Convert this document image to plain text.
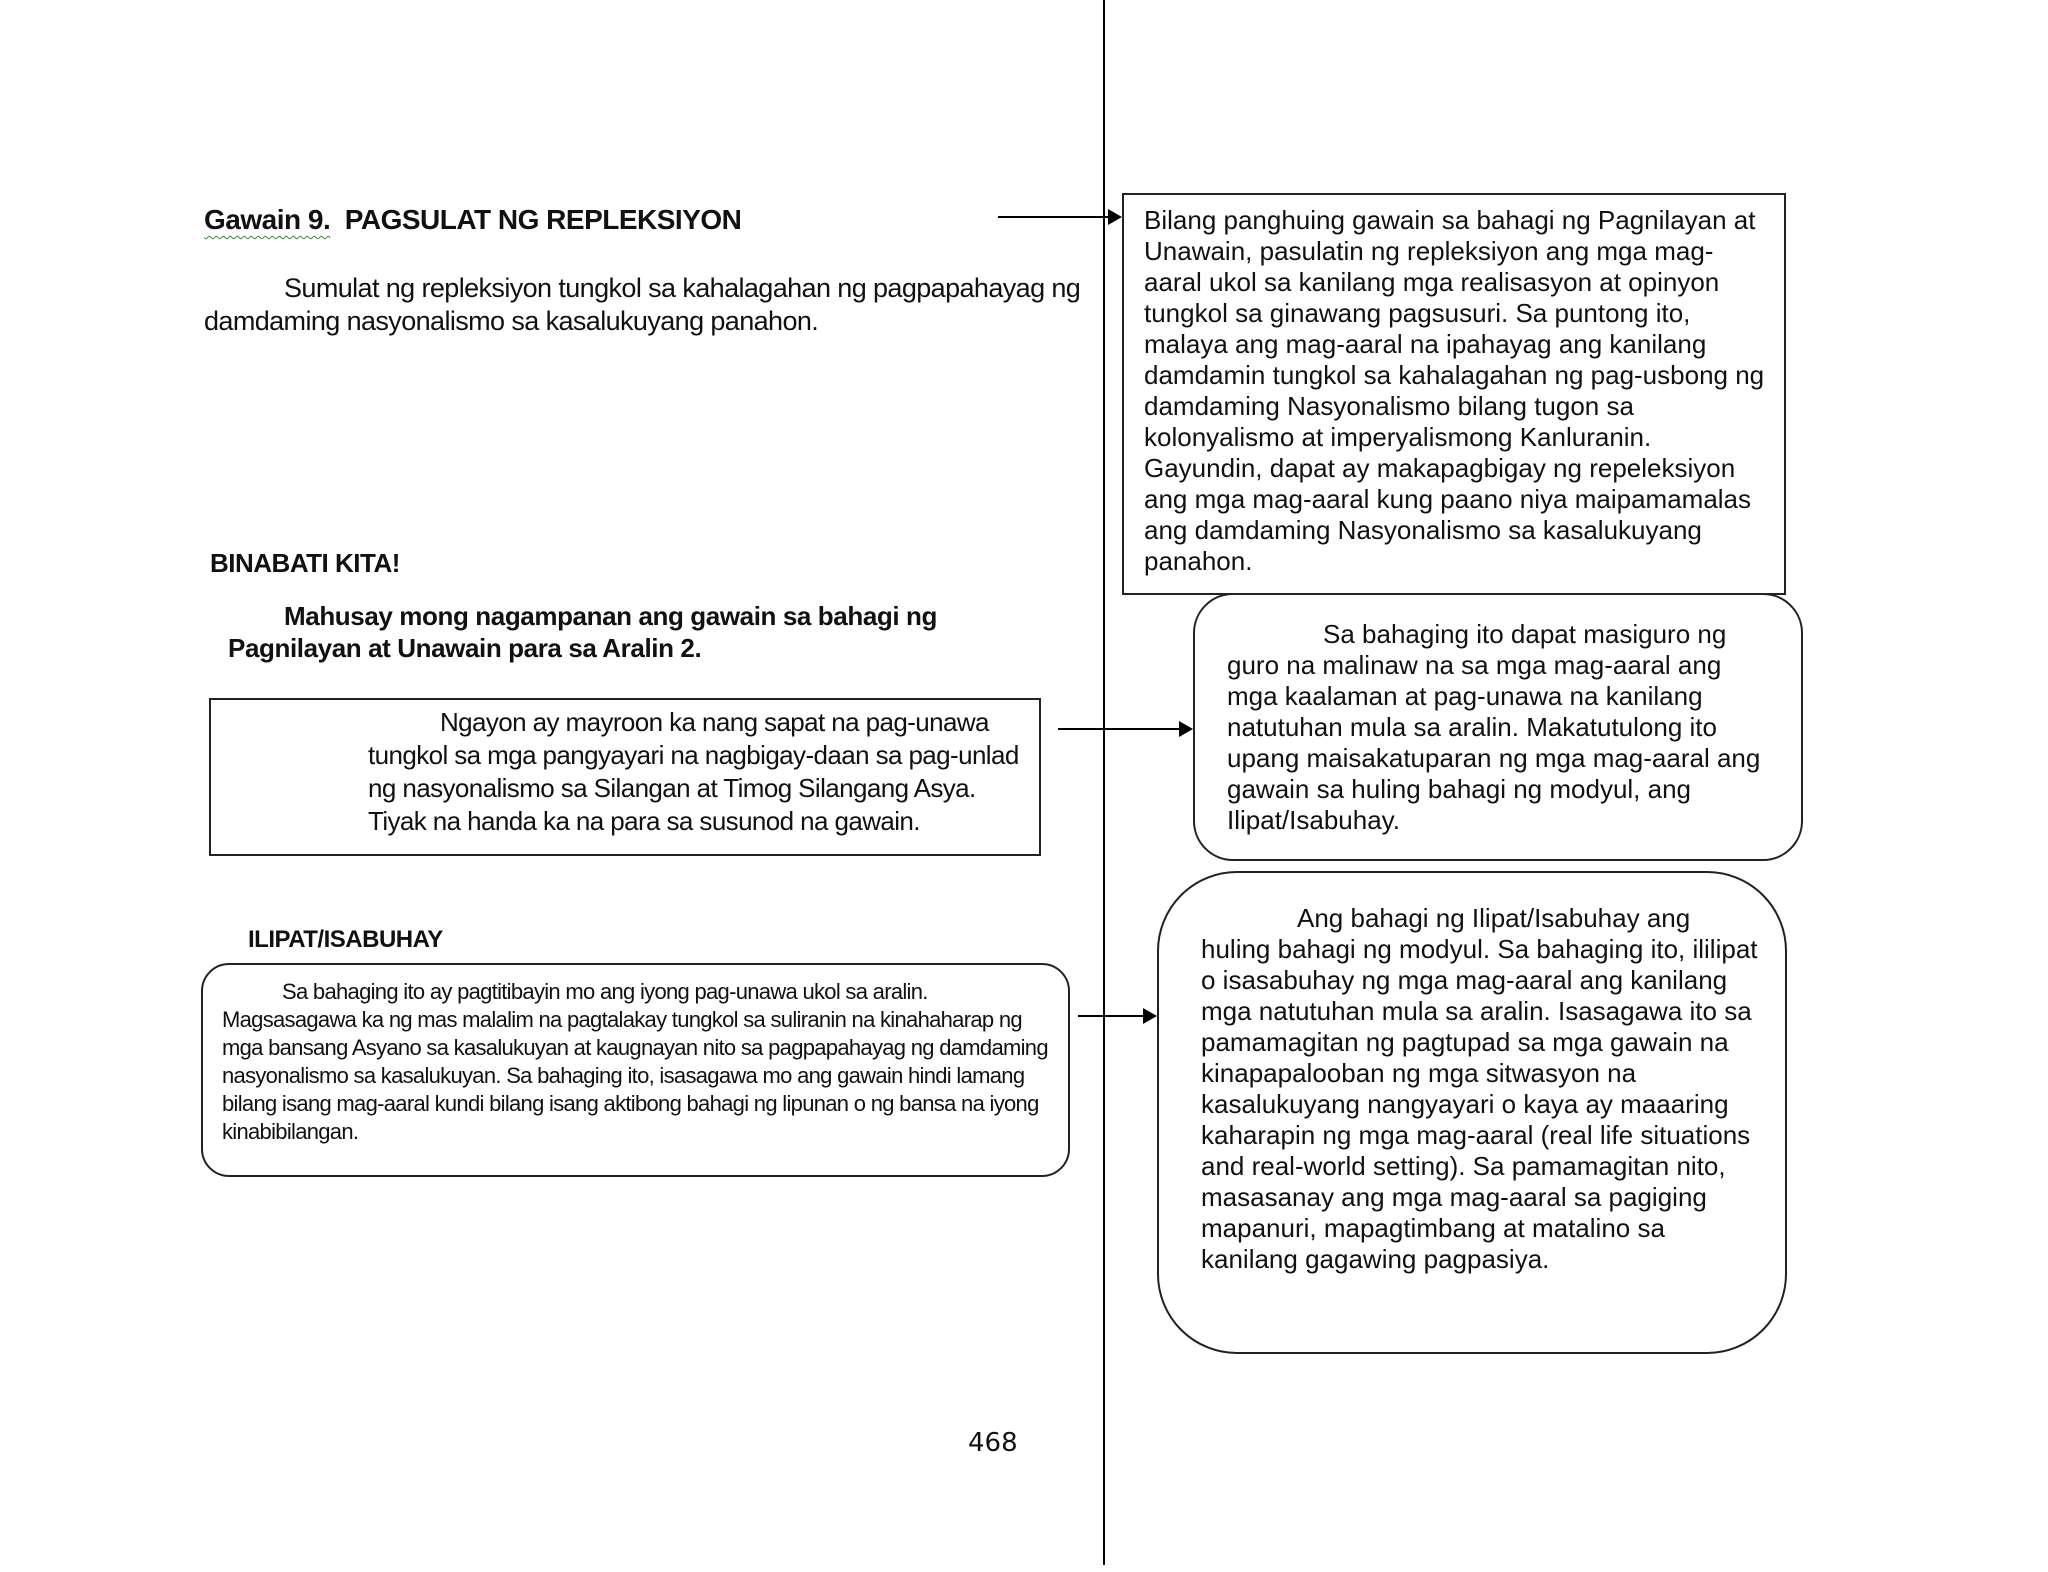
Gawain 9. PAGSULAT NG REPLEKSIYON
Sumulat ng repleksiyon tungkol sa kahalagahan ng pagpapahayag ng damdaming nasyonalismo sa kasalukuyang panahon.
BINABATI KITA!
Mahusay mong nagampanan ang gawain sa bahagi ng Pagnilayan at Unawain para sa Aralin 2.
Ngayon ay mayroon ka nang sapat na pag-unawa tungkol sa mga pangyayari na nagbigay-daan sa pag-unlad ng nasyonalismo sa Silangan at Timog Silangang Asya. Tiyak na handa ka na para sa susunod na gawain.
ILIPAT/ISABUHAY
Sa bahaging ito ay pagtitibayin mo ang iyong pag-unawa ukol sa aralin. Magsasagawa ka ng mas malalim na pagtalakay tungkol sa suliranin na kinahaharap ng mga bansang Asyano sa kasalukuyan at kaugnayan nito sa pagpapahayag ng damdaming nasyonalismo sa kasalukuyan. Sa bahaging ito, isasagawa mo ang gawain hindi lamang bilang isang mag-aaral kundi bilang isang aktibong bahagi ng lipunan o ng bansa na iyong kinabibilangan.
Bilang panghuing gawain sa bahagi ng Pagnilayan at Unawain, pasulatin ng repleksiyon ang mga mag-aaral ukol sa kanilang mga realisasyon at opinyon tungkol sa ginawang pagsusuri. Sa puntong ito, malaya ang mag-aaral na ipahayag ang kanilang damdamin tungkol sa kahalagahan ng pag-usbong ng damdaming Nasyonalismo bilang tugon sa kolonyalismo at imperyalismong Kanluranin. Gayundin, dapat ay makapagbigay ng repeleksiyon ang mga mag-aaral kung paano niya maipamamalas ang damdaming Nasyonalismo sa kasalukuyang panahon.
Sa bahaging ito dapat masiguro ng guro na malinaw na sa mga mag-aaral ang mga kaalaman at pag-unawa na kanilang natutuhan mula sa aralin. Makatutulong ito upang maisakatuparan ng mga mag-aaral ang gawain sa huling bahagi ng modyul, ang Ilipat/Isabuhay.
Ang bahagi ng Ilipat/Isabuhay ang huling bahagi ng modyul. Sa bahaging ito, ililipat o isasabuhay ng mga mag-aaral ang kanilang mga natutuhan mula sa aralin. Isasagawa ito sa pamamagitan ng pagtupad sa mga gawain na kinapapalooban ng mga sitwasyon na kasalukuyang nangyayari o kaya ay maaaring kaharapin ng mga mag-aaral (real life situations and real-world setting). Sa pamamagitan nito, masasanay ang mga mag-aaral sa pagiging mapanuri, mapagtimbang at matalino sa kanilang gagawing pagpasiya.
468
